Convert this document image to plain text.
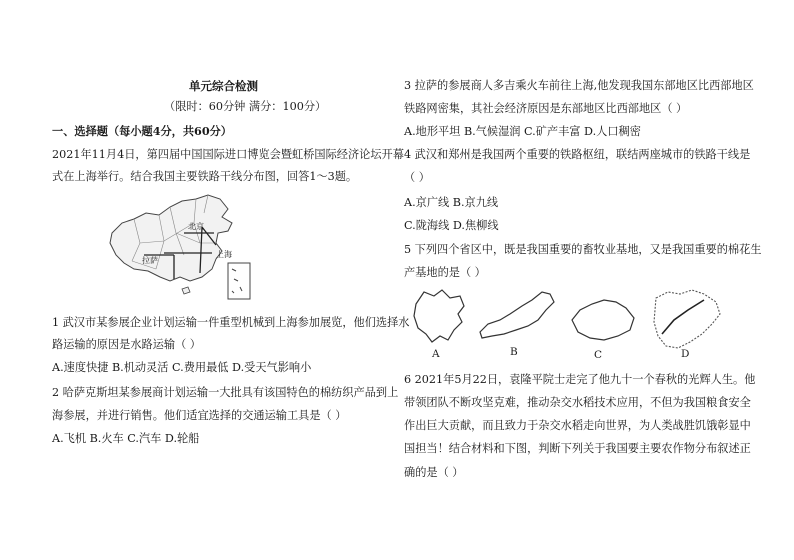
单元综合检测
（限时：60分钟 满分：100分）
一、选择题（每小题4分，共60分）
2021年11月4日，第四届中国国际进口博览会暨虹桥国际经济论坛开幕
式在上海举行。结合我国主要铁路干线分布图，回答1～3题。
北京
拉萨
上海
1 武汉市某参展企业计划运输一件重型机械到上海参加展览，他们选择水
路运输的原因是水路运输（ ）
A.速度快捷 B.机动灵活 C.费用最低 D.受天气影响小
2 哈萨克斯坦某参展商计划运输一大批具有该国特色的棉纺织产品到上
海参展，并进行销售。他们适宜选择的交通运输工具是（ ）
A.飞机 B.火车 C.汽车 D.轮船
3 拉萨的参展商人多吉乘火车前往上海,他发现我国东部地区比西部地区
铁路网密集，其社会经济原因是东部地区比西部地区（ ）
A.地形平坦 B.气候湿润 C.矿产丰富 D.人口稠密
4 武汉和郑州是我国两个重要的铁路枢纽，联结两座城市的铁路干线是
（ ）
A.京广线 B.京九线
C.陇海线 D.焦柳线
5 下列四个省区中，既是我国重要的畜牧业基地，又是我国重要的棉花生
产基地的是（ ）
A	B	C	D
6 2021年5月22日，袁隆平院士走完了他九十一个春秋的光辉人生。他
带领团队不断攻坚克难，推动杂交水稻技术应用，不但为我国粮食安全
作出巨大贡献，而且致力于杂交水稻走向世界，为人类战胜饥饿彰显中
国担当！结合材料和下图，判断下列关于我国要主要农作物分布叙述正
确的是（ ）
